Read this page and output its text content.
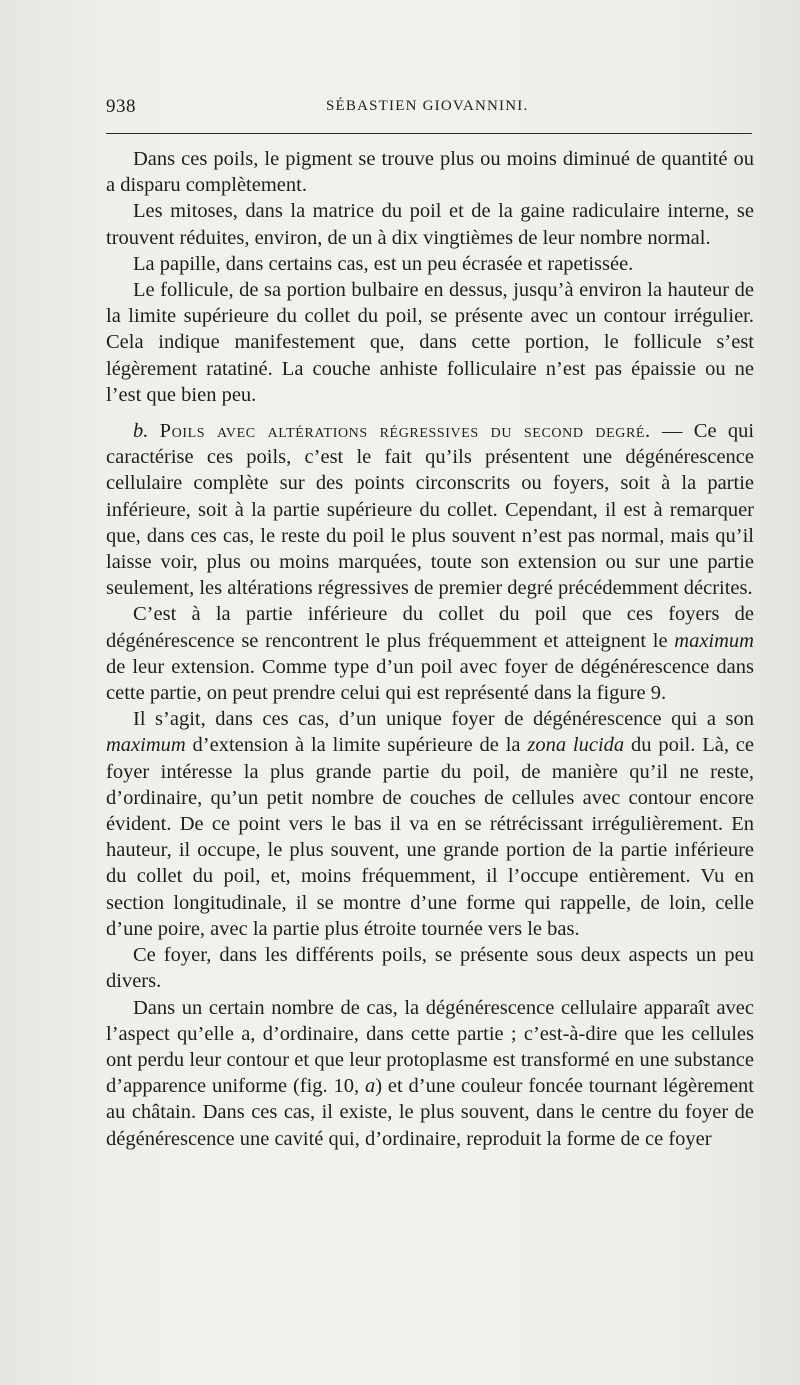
938	SÉBASTIEN GIOVANNINI.

Dans ces poils, le pigment se trouve plus ou moins diminué de quantité ou a disparu complètement.

Les mitoses, dans la matrice du poil et de la gaine radiculaire interne, se trouvent réduites, environ, de un à dix vingtièmes de leur nombre normal.

La papille, dans certains cas, est un peu écrasée et rapetissée.

Le follicule, de sa portion bulbaire en dessus, jusqu’à environ la hauteur de la limite supérieure du collet du poil, se présente avec un contour irrégulier. Cela indique manifestement que, dans cette portion, le follicule s’est légèrement ratatiné. La couche anhiste folliculaire n’est pas épaissie ou ne l’est que bien peu.

b. Poils avec altérations régressives du second degré. — Ce qui caractérise ces poils, c’est le fait qu’ils présentent une dégénérescence cellulaire complète sur des points circonscrits ou foyers, soit à la partie inférieure, soit à la partie supérieure du collet. Cependant, il est à remarquer que, dans ces cas, le reste du poil le plus souvent n’est pas normal, mais qu’il laisse voir, plus ou moins marquées, toute son extension ou sur une partie seulement, les altérations régressives de premier degré précédemment décrites.

C’est à la partie inférieure du collet du poil que ces foyers de dégénérescence se rencontrent le plus fréquemment et atteignent le maximum de leur extension. Comme type d’un poil avec foyer de dégénérescence dans cette partie, on peut prendre celui qui est représenté dans la figure 9.

Il s’agit, dans ces cas, d’un unique foyer de dégénérescence qui a son maximum d’extension à la limite supérieure de la zona lucida du poil. Là, ce foyer intéresse la plus grande partie du poil, de manière qu’il ne reste, d’ordinaire, qu’un petit nombre de couches de cellules avec contour encore évident. De ce point vers le bas il va en se rétrécissant irrégulièrement. En hauteur, il occupe, le plus souvent, une grande portion de la partie inférieure du collet du poil, et, moins fréquemment, il l’occupe entièrement. Vu en section longitudinale, il se montre d’une forme qui rappelle, de loin, celle d’une poire, avec la partie plus étroite tournée vers le bas.

Ce foyer, dans les différents poils, se présente sous deux aspects un peu divers.

Dans un certain nombre de cas, la dégénérescence cellulaire apparaît avec l’aspect qu’elle a, d’ordinaire, dans cette partie ; c’est-à-dire que les cellules ont perdu leur contour et que leur protoplasme est transformé en une substance d’apparence uniforme (fig. 10, a) et d’une couleur foncée tournant légèrement au châtain. Dans ces cas, il existe, le plus souvent, dans le centre du foyer de dégénérescence une cavité qui, d’ordinaire, reproduit la forme de ce foyer
